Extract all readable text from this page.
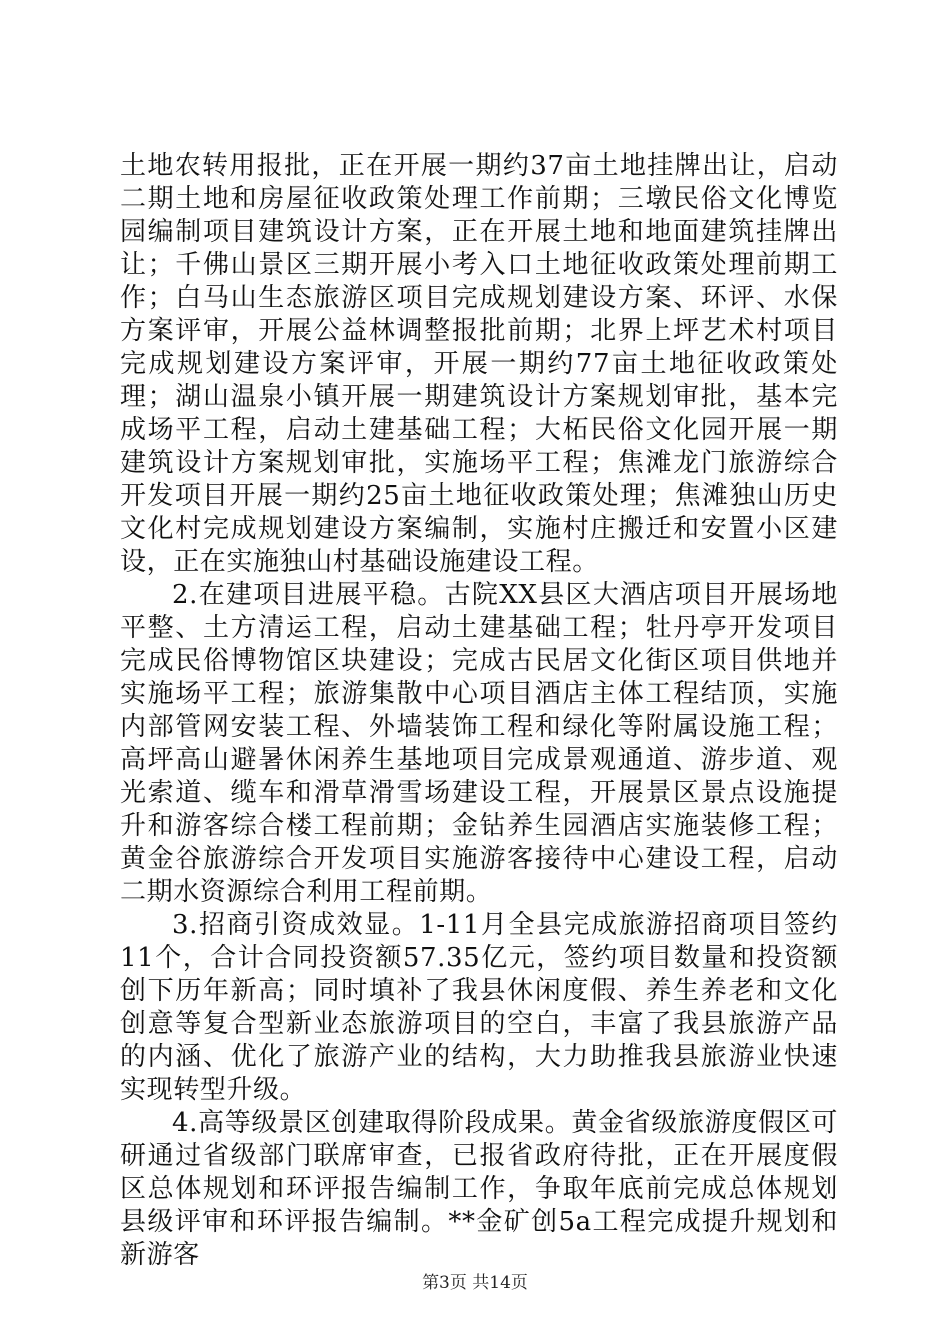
土地农转用报批，正在开展一期约37亩土地挂牌出让，启动二期土地和房屋征收政策处理工作前期；三墩民俗文化博览园编制项目建筑设计方案，正在开展土地和地面建筑挂牌出让；千佛山景区三期开展小考入口土地征收政策处理前期工作；白马山生态旅游区项目完成规划建设方案、环评、水保方案评审，开展公益林调整报批前期；北界上坪艺术村项目完成规划建设方案评审，开展一期约77亩土地征收政策处理；湖山温泉小镇开展一期建筑设计方案规划审批，基本完成场平工程，启动土建基础工程；大柘民俗文化园开展一期建筑设计方案规划审批，实施场平工程；焦滩龙门旅游综合开发项目开展一期约25亩土地征收政策处理；焦滩独山历史文化村完成规划建设方案编制，实施村庄搬迁和安置小区建设，正在实施独山村基础设施建设工程。

2.在建项目进展平稳。古院XX县区大酒店项目开展场地平整、土方清运工程，启动土建基础工程；牡丹亭开发项目完成民俗博物馆区块建设；完成古民居文化街区项目供地并实施场平工程；旅游集散中心项目酒店主体工程结顶，实施内部管网安装工程、外墙装饰工程和绿化等附属设施工程；高坪高山避暑休闲养生基地项目完成景观通道、游步道、观光索道、缆车和滑草滑雪场建设工程，开展景区景点设施提升和游客综合楼工程前期；金钻养生园酒店实施装修工程；黄金谷旅游综合开发项目实施游客接待中心建设工程，启动二期水资源综合利用工程前期。

3.招商引资成效显。1-11月全县完成旅游招商项目签约11个，合计合同投资额57.35亿元，签约项目数量和投资额创下历年新高；同时填补了我县休闲度假、养生养老和文化创意等复合型新业态旅游项目的空白，丰富了我县旅游产品的内涵、优化了旅游产业的结构，大力助推我县旅游业快速实现转型升级。

4.高等级景区创建取得阶段成果。黄金省级旅游度假区可研通过省级部门联席审查，已报省政府待批，正在开展度假区总体规划和环评报告编制工作，争取年底前完成总体规划县级评审和环评报告编制。**金矿创5a工程完成提升规划和新游客

第3页 共14页
